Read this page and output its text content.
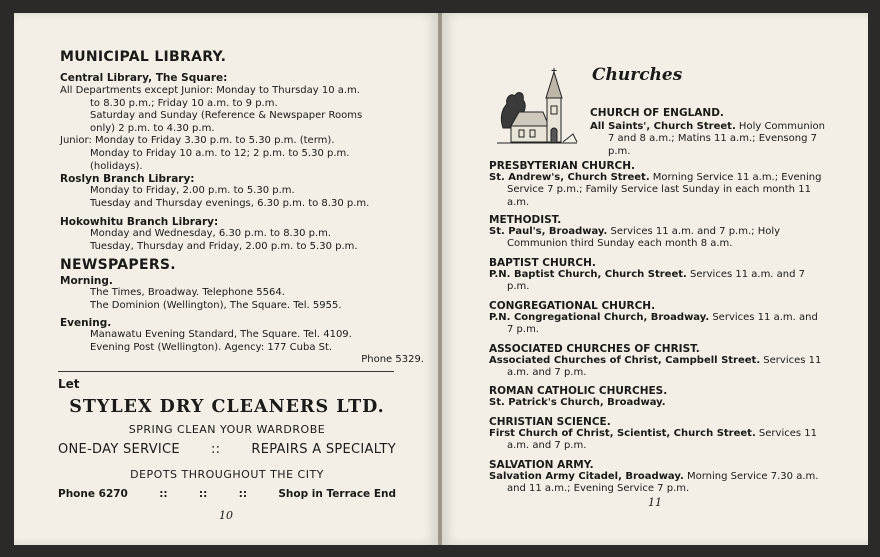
MUNICIPAL LIBRARY.
Central Library, The Square:
All Departments except Junior: Monday to Thursday 10 a.m.
to 8.30 p.m.; Friday 10 a.m. to 9 p.m.
Saturday and Sunday (Reference & Newspaper Rooms
only) 2 p.m. to 4.30 p.m.
Junior: Monday to Friday 3.30 p.m. to 5.30 p.m. (term).
Monday to Friday 10 a.m. to 12; 2 p.m. to 5.30 p.m.
(holidays).
Roslyn Branch Library:
Monday to Friday, 2.00 p.m. to 5.30 p.m.
Tuesday and Thursday evenings, 6.30 p.m. to 8.30 p.m.
Hokowhitu Branch Library:
Monday and Wednesday, 6.30 p.m. to 8.30 p.m.
Tuesday, Thursday and Friday, 2.00 p.m. to 5.30 p.m.
NEWSPAPERS.
Morning.
The Times, Broadway. Telephone 5564.
The Dominion (Wellington), The Square. Tel. 5955.
Evening.
Manawatu Evening Standard, The Square. Tel. 4109.
Evening Post (Wellington). Agency: 177 Cuba St.
Phone 5329.
Let
STYLEX DRY CLEANERS LTD.
SPRING CLEAN YOUR WARDROBE
ONE-DAY SERVICE :: REPAIRS A SPECIALTY
DEPOTS THROUGHOUT THE CITY
Phone 6270	::	::	::	Shop in Terrace End
10
Churches
CHURCH OF ENGLAND.
All Saints', Church Street. Holy Communion 7 and 8 a.m.; Matins 11 a.m.; Evensong 7 p.m.
PRESBYTERIAN CHURCH.
St. Andrew's, Church Street. Morning Service 11 a.m.; Evening Service 7 p.m.; Family Service last Sunday in each month 11 a.m.
METHODIST.
St. Paul's, Broadway. Services 11 a.m. and 7 p.m.; Holy Communion third Sunday each month 8 a.m.
BAPTIST CHURCH.
P.N. Baptist Church, Church Street. Services 11 a.m. and 7 p.m.
CONGREGATIONAL CHURCH.
P.N. Congregational Church, Broadway. Services 11 a.m. and 7 p.m.
ASSOCIATED CHURCHES OF CHRIST.
Associated Churches of Christ, Campbell Street. Services 11 a.m. and 7 p.m.
ROMAN CATHOLIC CHURCHES.
St. Patrick's Church, Broadway.
CHRISTIAN SCIENCE.
First Church of Christ, Scientist, Church Street. Services 11 a.m. and 7 p.m.
SALVATION ARMY.
Salvation Army Citadel, Broadway. Morning Service 7.30 a.m. and 11 a.m.; Evening Service 7 p.m.
11
